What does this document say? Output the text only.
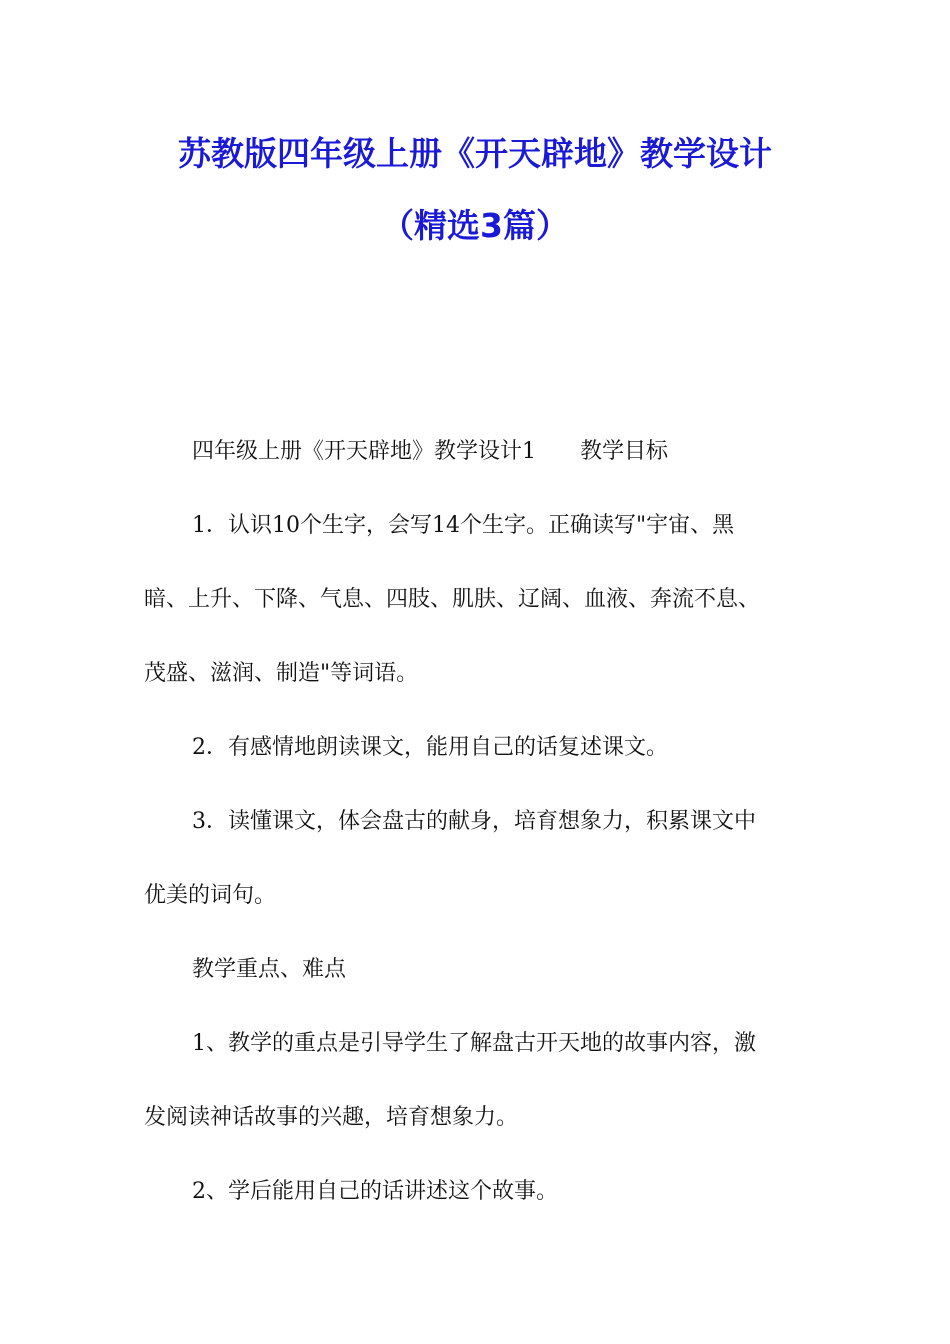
苏教版四年级上册《开天辟地》教学设计
（精选3篇）

四年级上册《开天辟地》教学设计1 教学目标

1．认识10个生字，会写14个生字。正确读写"宇宙、黑

暗、上升、下降、气息、四肢、肌肤、辽阔、血液、奔流不息、

茂盛、滋润、制造"等词语。

2．有感情地朗读课文，能用自己的话复述课文。

3．读懂课文，体会盘古的献身，培育想象力，积累课文中

优美的词句。

教学重点、难点

1、教学的重点是引导学生了解盘古开天地的故事内容，激

发阅读神话故事的兴趣，培育想象力。

2、学后能用自己的话讲述这个故事。
